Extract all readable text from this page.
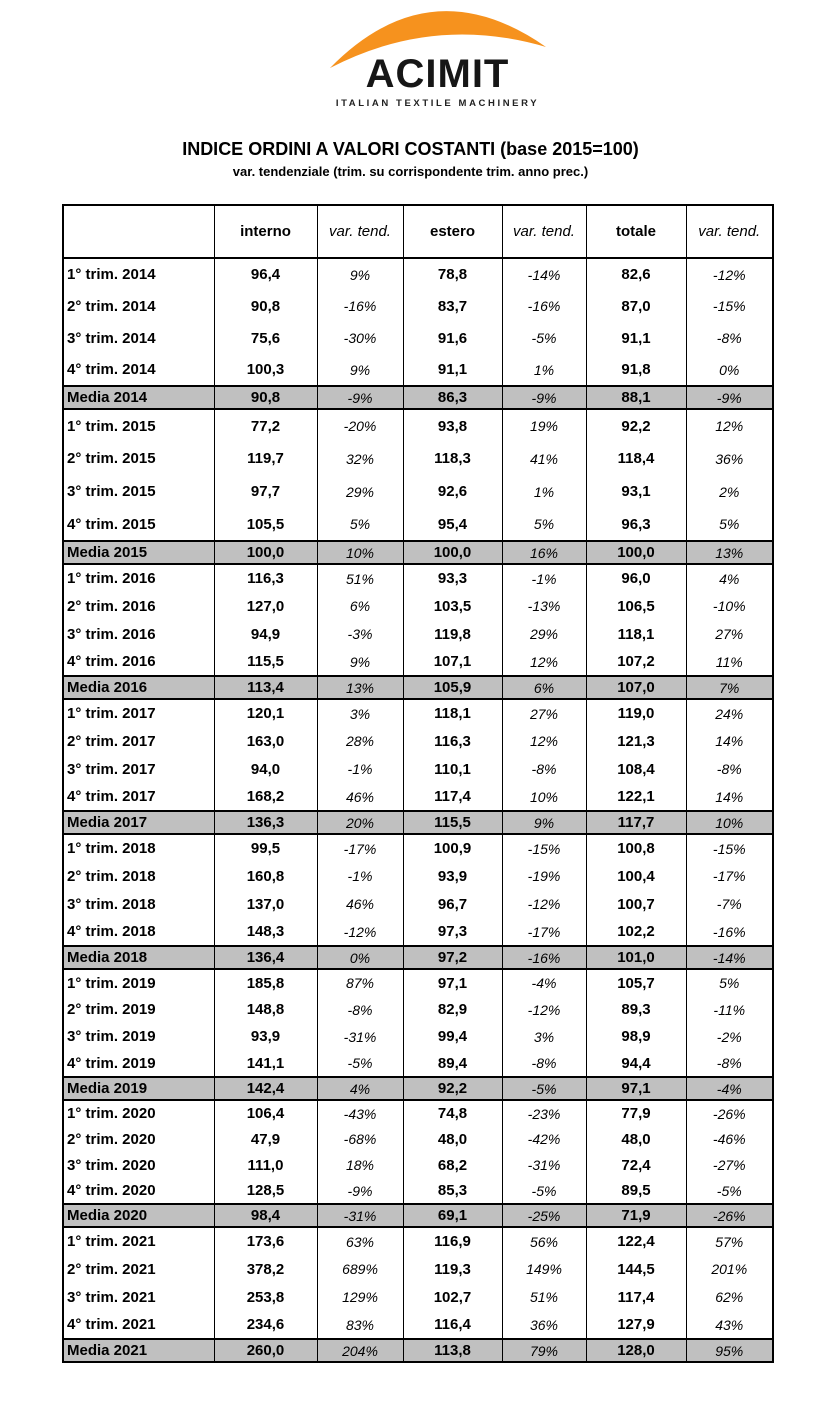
ACIMIT
ITALIAN TEXTILE MACHINERY
INDICE ORDINI A VALORI COSTANTI (base 2015=100)
var. tendenziale (trim. su corrispondente trim. anno prec.)
	interno	var. tend.	estero	var. tend.	totale	var. tend.
1° trim. 2014	96,4	9%	78,8	-14%	82,6	-12%
2° trim. 2014	90,8	-16%	83,7	-16%	87,0	-15%
3° trim. 2014	75,6	-30%	91,6	-5%	91,1	-8%
4° trim. 2014	100,3	9%	91,1	1%	91,8	0%
Media 2014	90,8	-9%	86,3	-9%	88,1	-9%
1° trim. 2015	77,2	-20%	93,8	19%	92,2	12%
2° trim. 2015	119,7	32%	118,3	41%	118,4	36%
3° trim. 2015	97,7	29%	92,6	1%	93,1	2%
4° trim. 2015	105,5	5%	95,4	5%	96,3	5%
Media 2015	100,0	10%	100,0	16%	100,0	13%
1° trim. 2016	116,3	51%	93,3	-1%	96,0	4%
2° trim. 2016	127,0	6%	103,5	-13%	106,5	-10%
3° trim. 2016	94,9	-3%	119,8	29%	118,1	27%
4° trim. 2016	115,5	9%	107,1	12%	107,2	11%
Media 2016	113,4	13%	105,9	6%	107,0	7%
1° trim. 2017	120,1	3%	118,1	27%	119,0	24%
2° trim. 2017	163,0	28%	116,3	12%	121,3	14%
3° trim. 2017	94,0	-1%	110,1	-8%	108,4	-8%
4° trim. 2017	168,2	46%	117,4	10%	122,1	14%
Media 2017	136,3	20%	115,5	9%	117,7	10%
1° trim. 2018	99,5	-17%	100,9	-15%	100,8	-15%
2° trim. 2018	160,8	-1%	93,9	-19%	100,4	-17%
3° trim. 2018	137,0	46%	96,7	-12%	100,7	-7%
4° trim. 2018	148,3	-12%	97,3	-17%	102,2	-16%
Media 2018	136,4	0%	97,2	-16%	101,0	-14%
1° trim. 2019	185,8	87%	97,1	-4%	105,7	5%
2° trim. 2019	148,8	-8%	82,9	-12%	89,3	-11%
3° trim. 2019	93,9	-31%	99,4	3%	98,9	-2%
4° trim. 2019	141,1	-5%	89,4	-8%	94,4	-8%
Media 2019	142,4	4%	92,2	-5%	97,1	-4%
1° trim. 2020	106,4	-43%	74,8	-23%	77,9	-26%
2° trim. 2020	47,9	-68%	48,0	-42%	48,0	-46%
3° trim. 2020	111,0	18%	68,2	-31%	72,4	-27%
4° trim. 2020	128,5	-9%	85,3	-5%	89,5	-5%
Media 2020	98,4	-31%	69,1	-25%	71,9	-26%
1° trim. 2021	173,6	63%	116,9	56%	122,4	57%
2° trim. 2021	378,2	689%	119,3	149%	144,5	201%
3° trim. 2021	253,8	129%	102,7	51%	117,4	62%
4° trim. 2021	234,6	83%	116,4	36%	127,9	43%
Media 2021	260,0	204%	113,8	79%	128,0	95%
